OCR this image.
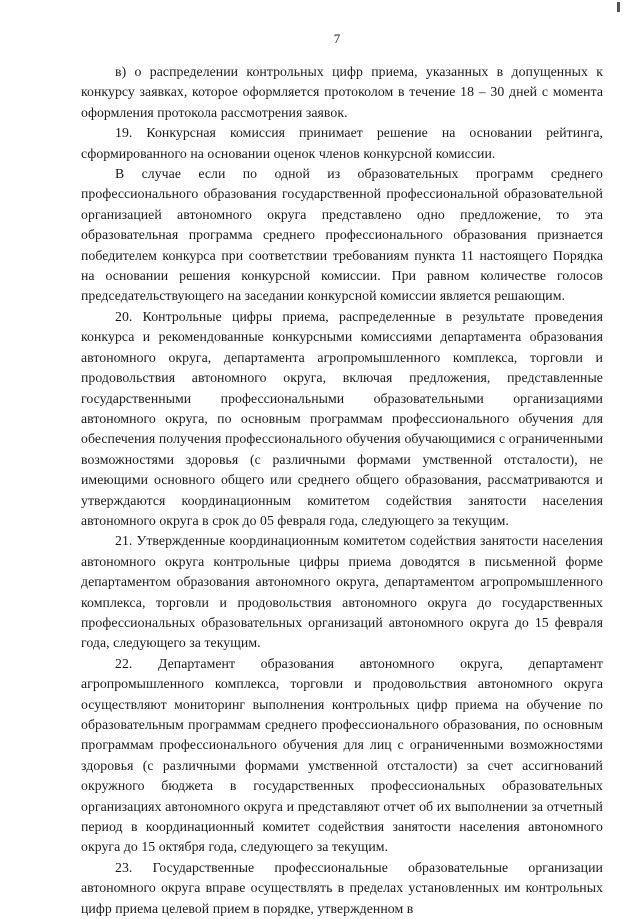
7

в) о распределении контрольных цифр приема, указанных в допущенных к конкурсу заявках, которое оформляется протоколом в течение 18 – 30 дней с момента оформления протокола рассмотрения заявок.

19. Конкурсная комиссия принимает решение на основании рейтинга, сформированного на основании оценок членов конкурсной комиссии.

В случае если по одной из образовательных программ среднего профессионального образования государственной профессиональной образовательной организацией автономного округа представлено одно предложение, то эта образовательная программа среднего профессионального образования признается победителем конкурса при соответствии требованиям пункта 11 настоящего Порядка на основании решения конкурсной комиссии. При равном количестве голосов председательствующего на заседании конкурсной комиссии является решающим.

20. Контрольные цифры приема, распределенные в результате проведения конкурса и рекомендованные конкурсными комиссиями департамента образования автономного округа, департамента агропромышленного комплекса, торговли и продовольствия автономного округа, включая предложения, представленные государственными профессиональными образовательными организациями автономного округа, по основным программам профессионального обучения для обеспечения получения профессионального обучения обучающимися с ограниченными возможностями здоровья (с различными формами умственной отсталости), не имеющими основного общего или среднего общего образования, рассматриваются и утверждаются координационным комитетом содействия занятости населения автономного округа в срок до 05 февраля года, следующего за текущим.

21. Утвержденные координационным комитетом содействия занятости населения автономного округа контрольные цифры приема доводятся в письменной форме департаментом образования автономного округа, департаментом агропромышленного комплекса, торговли и продовольствия автономного округа до государственных профессиональных образовательных организаций автономного округа до 15 февраля года, следующего за текущим.

22. Департамент образования автономного округа, департамент агропромышленного комплекса, торговли и продовольствия автономного округа осуществляют мониторинг выполнения контрольных цифр приема на обучение по образовательным программам среднего профессионального образования, по основным программам профессионального обучения для лиц с ограниченными возможностями здоровья (с различными формами умственной отсталости) за счет ассигнований окружного бюджета в государственных профессиональных образовательных организациях автономного округа и представляют отчет об их выполнении за отчетный период в координационный комитет содействия занятости населения автономного округа до 15 октября года, следующего за текущим.

23. Государственные профессиональные образовательные организации автономного округа вправе осуществлять в пределах установленных им контрольных цифр приема целевой прием в порядке, утвержденном в
